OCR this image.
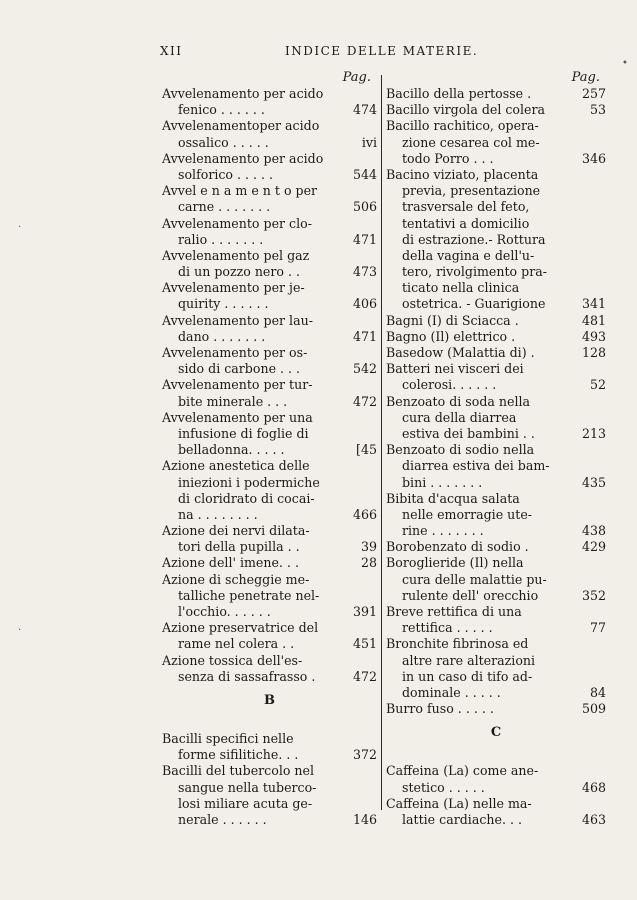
XII	INDICE DELLE MATERIE.
Pag.
Avvelenamento per acido
fenico . . . . . .	474
Avvelenamentoper acido
ossalico . . . . .	ivi
Avvelenamento per acido
solforico . . . . .	544
Avvel e n a m e n t o per
carne . . . . . . .	506
Avvelenamento per clo-
ralio . . . . . . .	471
Avvelenamento pel gaz
di un pozzo nero . .	473
Avvelenamento per je-
quirity . . . . . .	406
Avvelenamento per lau-
dano . . . . . . .	471
Avvelenamento per os-
sido di carbone . . .	542
Avvelenamento per tur-
bite minerale . . .	472
Avvelenamento per una
infusione di foglie di
belladonna. . . . .	[45
Azione anestetica delle
iniezioni i podermiche
di cloridrato di cocai-
na . . . . . . . .	466
Azione dei nervi dilata-
tori della pupilla . .	39
Azione dell' imene. . .	28
Azione di scheggie me-
talliche penetrate nel-
l'occhio. . . . . .	391
Azione preservatrice del
rame nel colera . .	451
Azione tossica dell'es-
senza di sassafrasso .	472
B
Bacilli specifici nelle
forme sifilitiche. . .	372
Bacilli del tubercolo nel
sangue nella tuberco-
losi miliare acuta ge-
nerale . . . . . .	146
Pag.
Bacillo della pertosse .	257
Bacillo virgola del colera	53
Bacillo rachitico, opera-
zione cesarea col me-
todo Porro . . .	346
Bacino viziato, placenta
previa, presentazione
trasversale del feto,
tentativi a domicilio
di estrazione.- Rottura
della vagina e dell'u-
tero, rivolgimento pra-
ticato nella clinica
ostetrica. - Guarigione	341
Bagni (I) di Sciacca .	481
Bagno (Il) elettrico .	493
Basedow (Malattia di) .	128
Batteri nei visceri dei
colerosi. . . . . .	52
Benzoato di soda nella
cura della diarrea
estiva dei bambini . .	213
Benzoato di sodio nella
diarrea estiva dei bam-
bini . . . . . . .	435
Bibita d'acqua salata
nelle emorragie ute-
rine . . . . . . .	438
Borobenzato di sodio .	429
Boroglieride (Il) nella
cura delle malattie pu-
rulente dell' orecchio	352
Breve rettifica di una
rettifica . . . . .	77
Bronchite fibrinosa ed
altre rare alterazioni
in un caso di tifo ad-
dominale . . . . .	84
Burro fuso . . . . .	509
C
Caffeina (La) come ane-
stetico . . . . .	468
Caffeina (La) nelle ma-
lattie cardiache. . .	463
•
·
·
